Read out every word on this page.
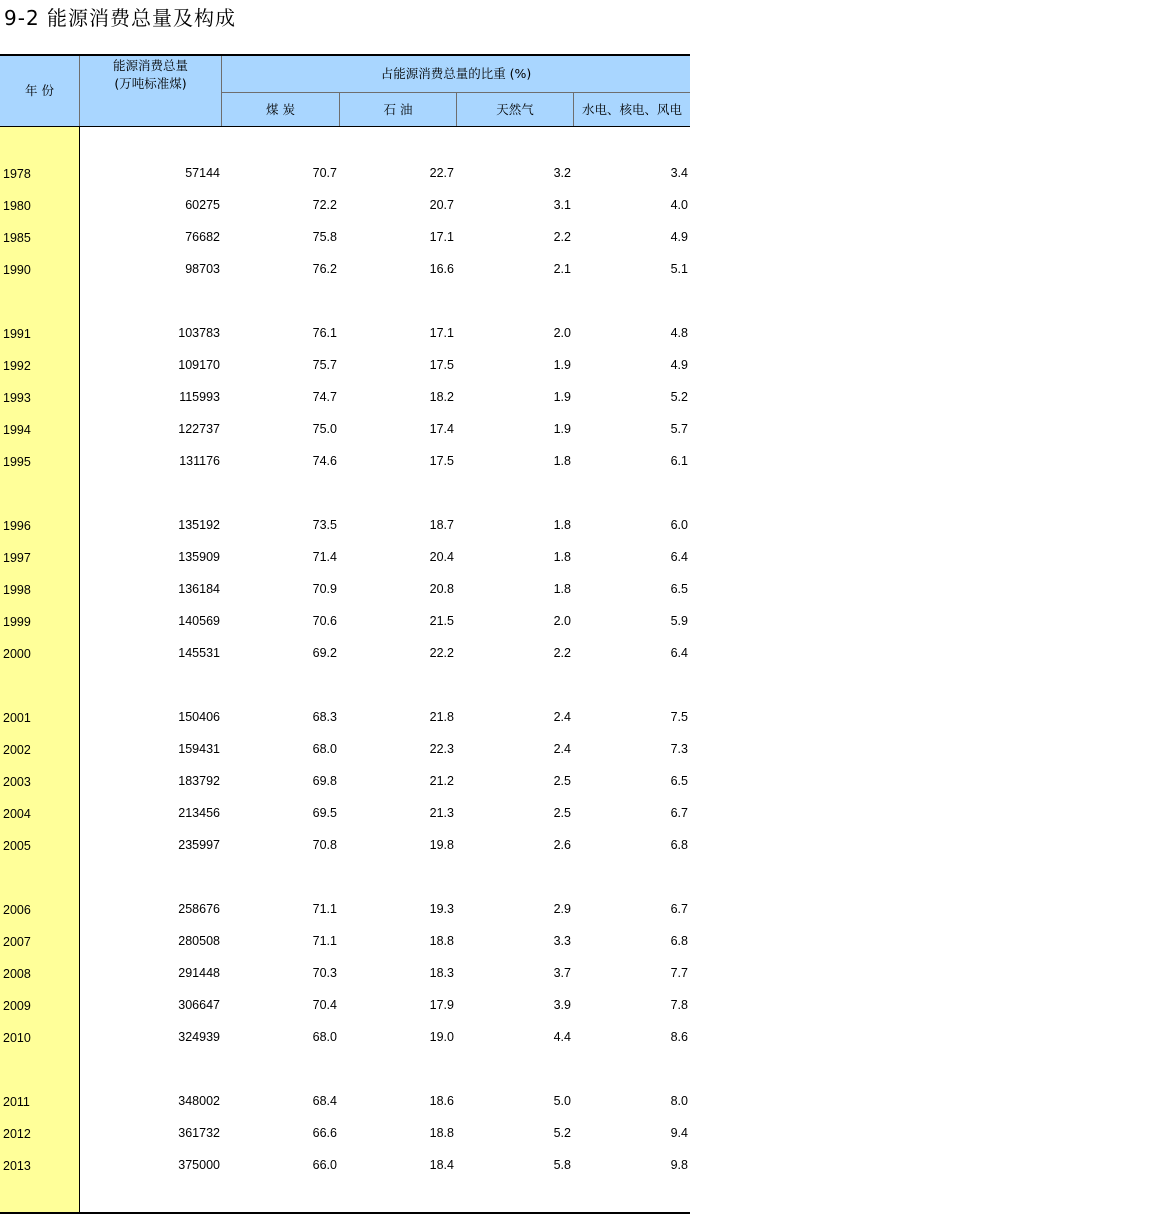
9-2 能源消费总量及构成
年 份
能源消费总量
(万吨标准煤)
占能源消费总量的比重 (%)
煤 炭	石 油	天然气	水电、核电、风电
1978	57144	70.7	22.7	3.2	3.4
1980	60275	72.2	20.7	3.1	4.0
1985	76682	75.8	17.1	2.2	4.9
1990	98703	76.2	16.6	2.1	5.1
1991	103783	76.1	17.1	2.0	4.8
1992	109170	75.7	17.5	1.9	4.9
1993	115993	74.7	18.2	1.9	5.2
1994	122737	75.0	17.4	1.9	5.7
1995	131176	74.6	17.5	1.8	6.1
1996	135192	73.5	18.7	1.8	6.0
1997	135909	71.4	20.4	1.8	6.4
1998	136184	70.9	20.8	1.8	6.5
1999	140569	70.6	21.5	2.0	5.9
2000	145531	69.2	22.2	2.2	6.4
2001	150406	68.3	21.8	2.4	7.5
2002	159431	68.0	22.3	2.4	7.3
2003	183792	69.8	21.2	2.5	6.5
2004	213456	69.5	21.3	2.5	6.7
2005	235997	70.8	19.8	2.6	6.8
2006	258676	71.1	19.3	2.9	6.7
2007	280508	71.1	18.8	3.3	6.8
2008	291448	70.3	18.3	3.7	7.7
2009	306647	70.4	17.9	3.9	7.8
2010	324939	68.0	19.0	4.4	8.6
2011	348002	68.4	18.6	5.0	8.0
2012	361732	66.6	18.8	5.2	9.4
2013	375000	66.0	18.4	5.8	9.8
